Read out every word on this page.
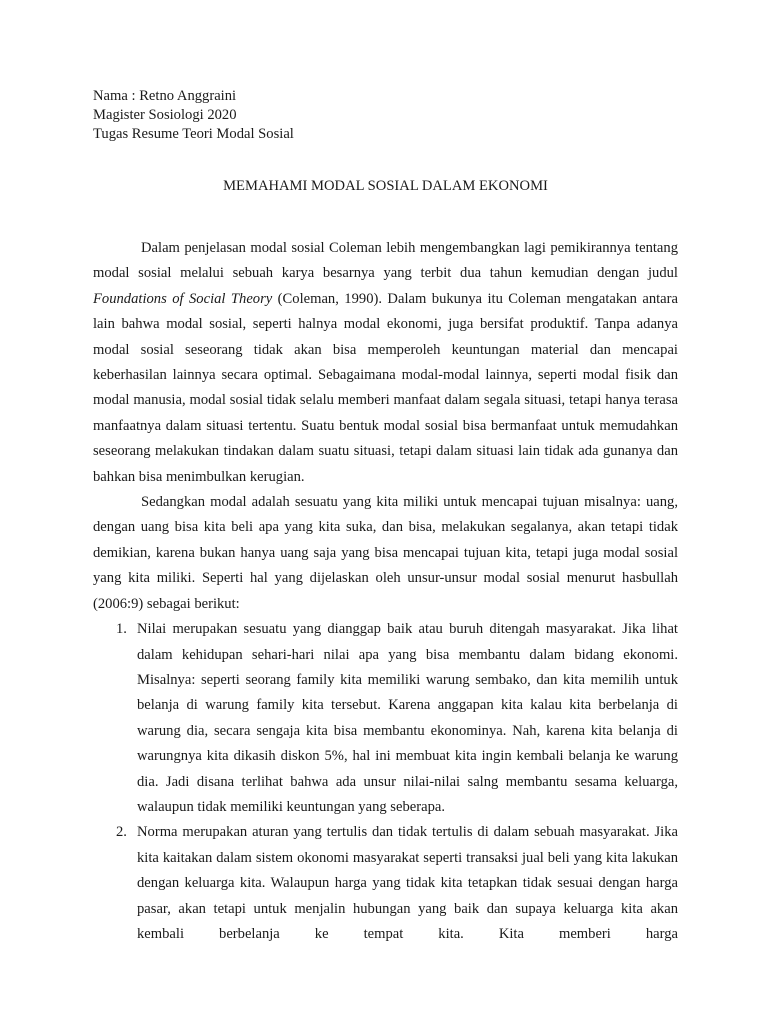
Nama : Retno Anggraini

Magister Sosiologi 2020

Tugas Resume Teori Modal Sosial

MEMAHAMI MODAL SOSIAL DALAM EKONOMI

Dalam penjelasan modal sosial Coleman lebih mengembangkan lagi pemikirannya tentang modal sosial melalui sebuah karya besarnya yang terbit dua tahun kemudian dengan judul Foundations of Social Theory (Coleman, 1990). Dalam bukunya itu Coleman mengatakan antara lain bahwa modal sosial, seperti halnya modal ekonomi, juga bersifat produktif. Tanpa adanya modal sosial seseorang tidak akan bisa memperoleh keuntungan material dan mencapai keberhasilan lainnya secara optimal. Sebagaimana modal-modal lainnya, seperti modal fisik dan modal manusia, modal sosial tidak selalu memberi manfaat dalam segala situasi, tetapi hanya terasa manfaatnya dalam situasi tertentu. Suatu bentuk modal sosial bisa bermanfaat untuk memudahkan seseorang melakukan tindakan dalam suatu situasi, tetapi dalam situasi lain tidak ada gunanya dan bahkan bisa menimbulkan kerugian.

Sedangkan modal adalah sesuatu yang kita miliki untuk mencapai tujuan misalnya: uang, dengan uang bisa kita beli apa yang kita suka, dan bisa, melakukan segalanya, akan tetapi tidak demikian, karena bukan hanya uang saja yang bisa mencapai tujuan kita, tetapi juga modal sosial yang kita miliki. Seperti hal yang dijelaskan oleh unsur-unsur modal sosial menurut hasbullah (2006:9) sebagai berikut:

1. Nilai merupakan sesuatu yang dianggap baik atau buruh ditengah masyarakat. Jika lihat dalam kehidupan sehari-hari nilai apa yang bisa membantu dalam bidang ekonomi. Misalnya: seperti seorang family kita memiliki warung sembako, dan kita memilih untuk belanja di warung family kita tersebut. Karena anggapan kita kalau kita berbelanja di warung dia, secara sengaja kita bisa membantu ekonominya. Nah, karena kita belanja di warungnya kita dikasih diskon 5%, hal ini membuat kita ingin kembali belanja ke warung dia. Jadi disana terlihat bahwa ada unsur nilai-nilai salng membantu sesama keluarga, walaupun tidak memiliki keuntungan yang seberapa.
2. Norma merupakan aturan yang tertulis dan tidak tertulis di dalam sebuah masyarakat. Jika kita kaitakan dalam sistem okonomi masyarakat seperti transaksi jual beli yang kita lakukan dengan keluarga kita. Walaupun harga yang tidak kita tetapkan tidak sesuai dengan harga pasar, akan tetapi untuk menjalin hubungan yang baik dan supaya keluarga kita akan kembali berbelanja ke tempat kita. Kita memberi harga
